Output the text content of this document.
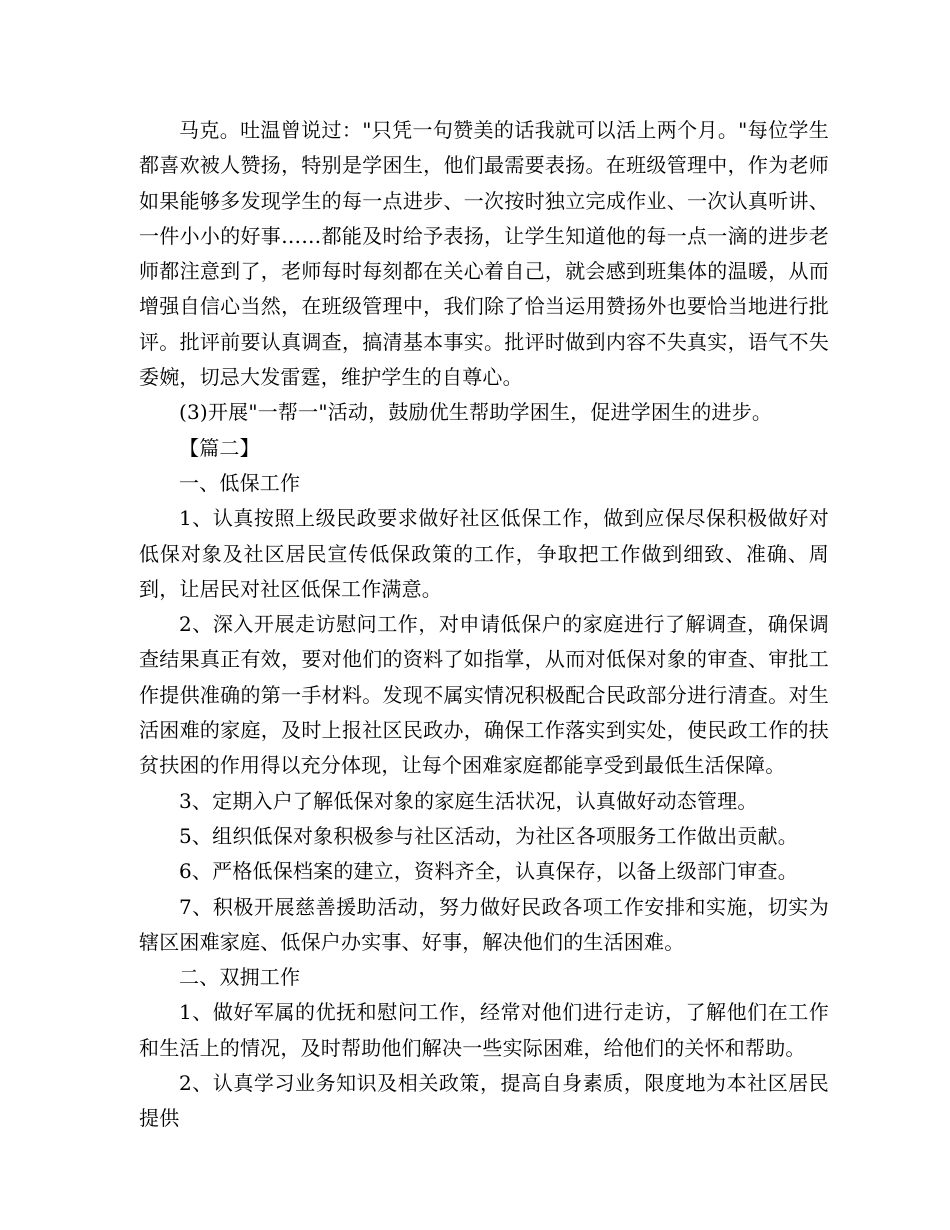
马克。吐温曾说过："只凭一句赞美的话我就可以活上两个月。"每位学生都喜欢被人赞扬，特别是学困生，他们最需要表扬。在班级管理中，作为老师如果能够多发现学生的每一点进步、一次按时独立完成作业、一次认真听讲、一件小小的好事……都能及时给予表扬，让学生知道他的每一点一滴的进步老师都注意到了，老师每时每刻都在关心着自己，就会感到班集体的温暖，从而增强自信心当然，在班级管理中，我们除了恰当运用赞扬外也要恰当地进行批评。批评前要认真调查，搞清基本事实。批评时做到内容不失真实，语气不失委婉，切忌大发雷霆，维护学生的自尊心。

(3)开展"一帮一"活动，鼓励优生帮助学困生，促进学困生的进步。

【篇二】

一、低保工作

1、认真按照上级民政要求做好社区低保工作，做到应保尽保积极做好对低保对象及社区居民宣传低保政策的工作，争取把工作做到细致、准确、周到，让居民对社区低保工作满意。

2、深入开展走访慰问工作，对申请低保户的家庭进行了解调查，确保调查结果真正有效，要对他们的资料了如指掌，从而对低保对象的审查、审批工作提供准确的第一手材料。发现不属实情况积极配合民政部分进行清查。对生活困难的家庭，及时上报社区民政办，确保工作落实到实处，使民政工作的扶贫扶困的作用得以充分体现，让每个困难家庭都能享受到最低生活保障。

3、定期入户了解低保对象的家庭生活状况，认真做好动态管理。

5、组织低保对象积极参与社区活动，为社区各项服务工作做出贡献。

6、严格低保档案的建立，资料齐全，认真保存，以备上级部门审查。

7、积极开展慈善援助活动，努力做好民政各项工作安排和实施，切实为辖区困难家庭、低保户办实事、好事，解决他们的生活困难。

二、双拥工作

1、做好军属的优抚和慰问工作，经常对他们进行走访，了解他们在工作和生活上的情况，及时帮助他们解决一些实际困难，给他们的关怀和帮助。

2、认真学习业务知识及相关政策，提高自身素质，限度地为本社区居民提供
